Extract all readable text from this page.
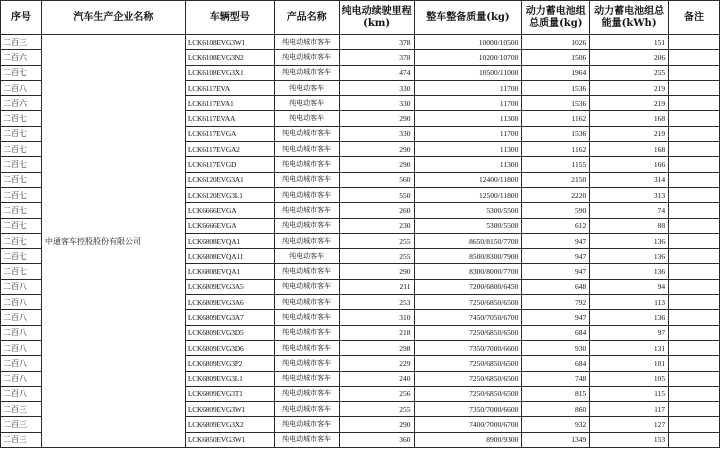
序号	汽车生产企业名称	车辆型号	产品名称	纯电动续驶里程(km)	整车整备质量(kg)	动力蓄电池组总质量(kg)	动力蓄电池组总能量(kWh)	备注
二百三	中通客车控股股份有限公司	LCK6108EVG3W1	纯电动城市客车	378	10000/10500	1026	151	
二百六		LCK6108EVG3N2	纯电动城市客车	378	10200/10700	1506	206	
二百七		LCK6108EVG3X1	纯电动城市客车	474	10500/11000	1964	255	
二百八		LCK6117EVA	纯电动客车	330	11700	1536	219	
二百六		LCK6117EVA1	纯电动客车	330	11700	1536	219	
二百七		LCK6117EVAA	纯电动客车	290	11300	1162	168	
二百七		LCK6117EVGA	纯电动城市客车	330	11700	1536	219	
二百七		LCK6117EVGA2	纯电动城市客车	290	11300	1162	168	
二百七		LCK6117EVGD	纯电动城市客车	290	11300	1155	166	
二百七		LCK6120EVG3A1	纯电动城市客车	560	12400/11800	2150	314	
二百七		LCK6120EVG3L1	纯电动城市客车	550	12500/11800	2220	313	
二百七		LCK6666EVGA	纯电动城市客车	260	5300/5500	590	74	
二百七		LCK6666EVGA	纯电动城市客车	230	5300/5500	612	88	
二百七		LCK6808EVQA1	纯电动城市客车	255	8650/8150/7700	947	136	
二百七		LCK6808EVQA11	纯电动客车	255	8500/8300/7900	947	136	
二百七		LCK6808EVQA1	纯电动城市客车	290	8300/8000/7700	947	136	
二百八		LCK6809EVG3A5	纯电动城市客车	211	7200/6800/6450	648	94	
二百八		LCK6809EVG3A6	纯电动城市客车	253	7250/6850/6500	792	113	
二百八		LCK6809EVG3A7	纯电动城市客车	310	7450/7050/6700	947	136	
二百八		LCK6809EVG3D5	纯电动城市客车	218	7250/6850/6500	684	97	
二百八		LCK6809EVG3D6	纯电动城市客车	298	7350/7000/6600	930	131	
二百八		LCK6809EVG3P2	纯电动城市客车	229	7250/6850/6500	684	101	
二百八		LCK6809EVG3L1	纯电动城市客车	240	7250/6850/6500	748	105	
二百八		LCK6809EVG3T1	纯电动城市客车	256	7250/6850/6500	815	115	
二百三		LCK6809EVG3W1	纯电动城市客车	255	7350/7000/6600	860	117	
二百三		LCK6809EVG3X2	纯电动城市客车	290	7400/7000/6700	932	127	
二百三		LCK6850EVG3W1	纯电动城市客车	360	8900/9300	1349	153	
